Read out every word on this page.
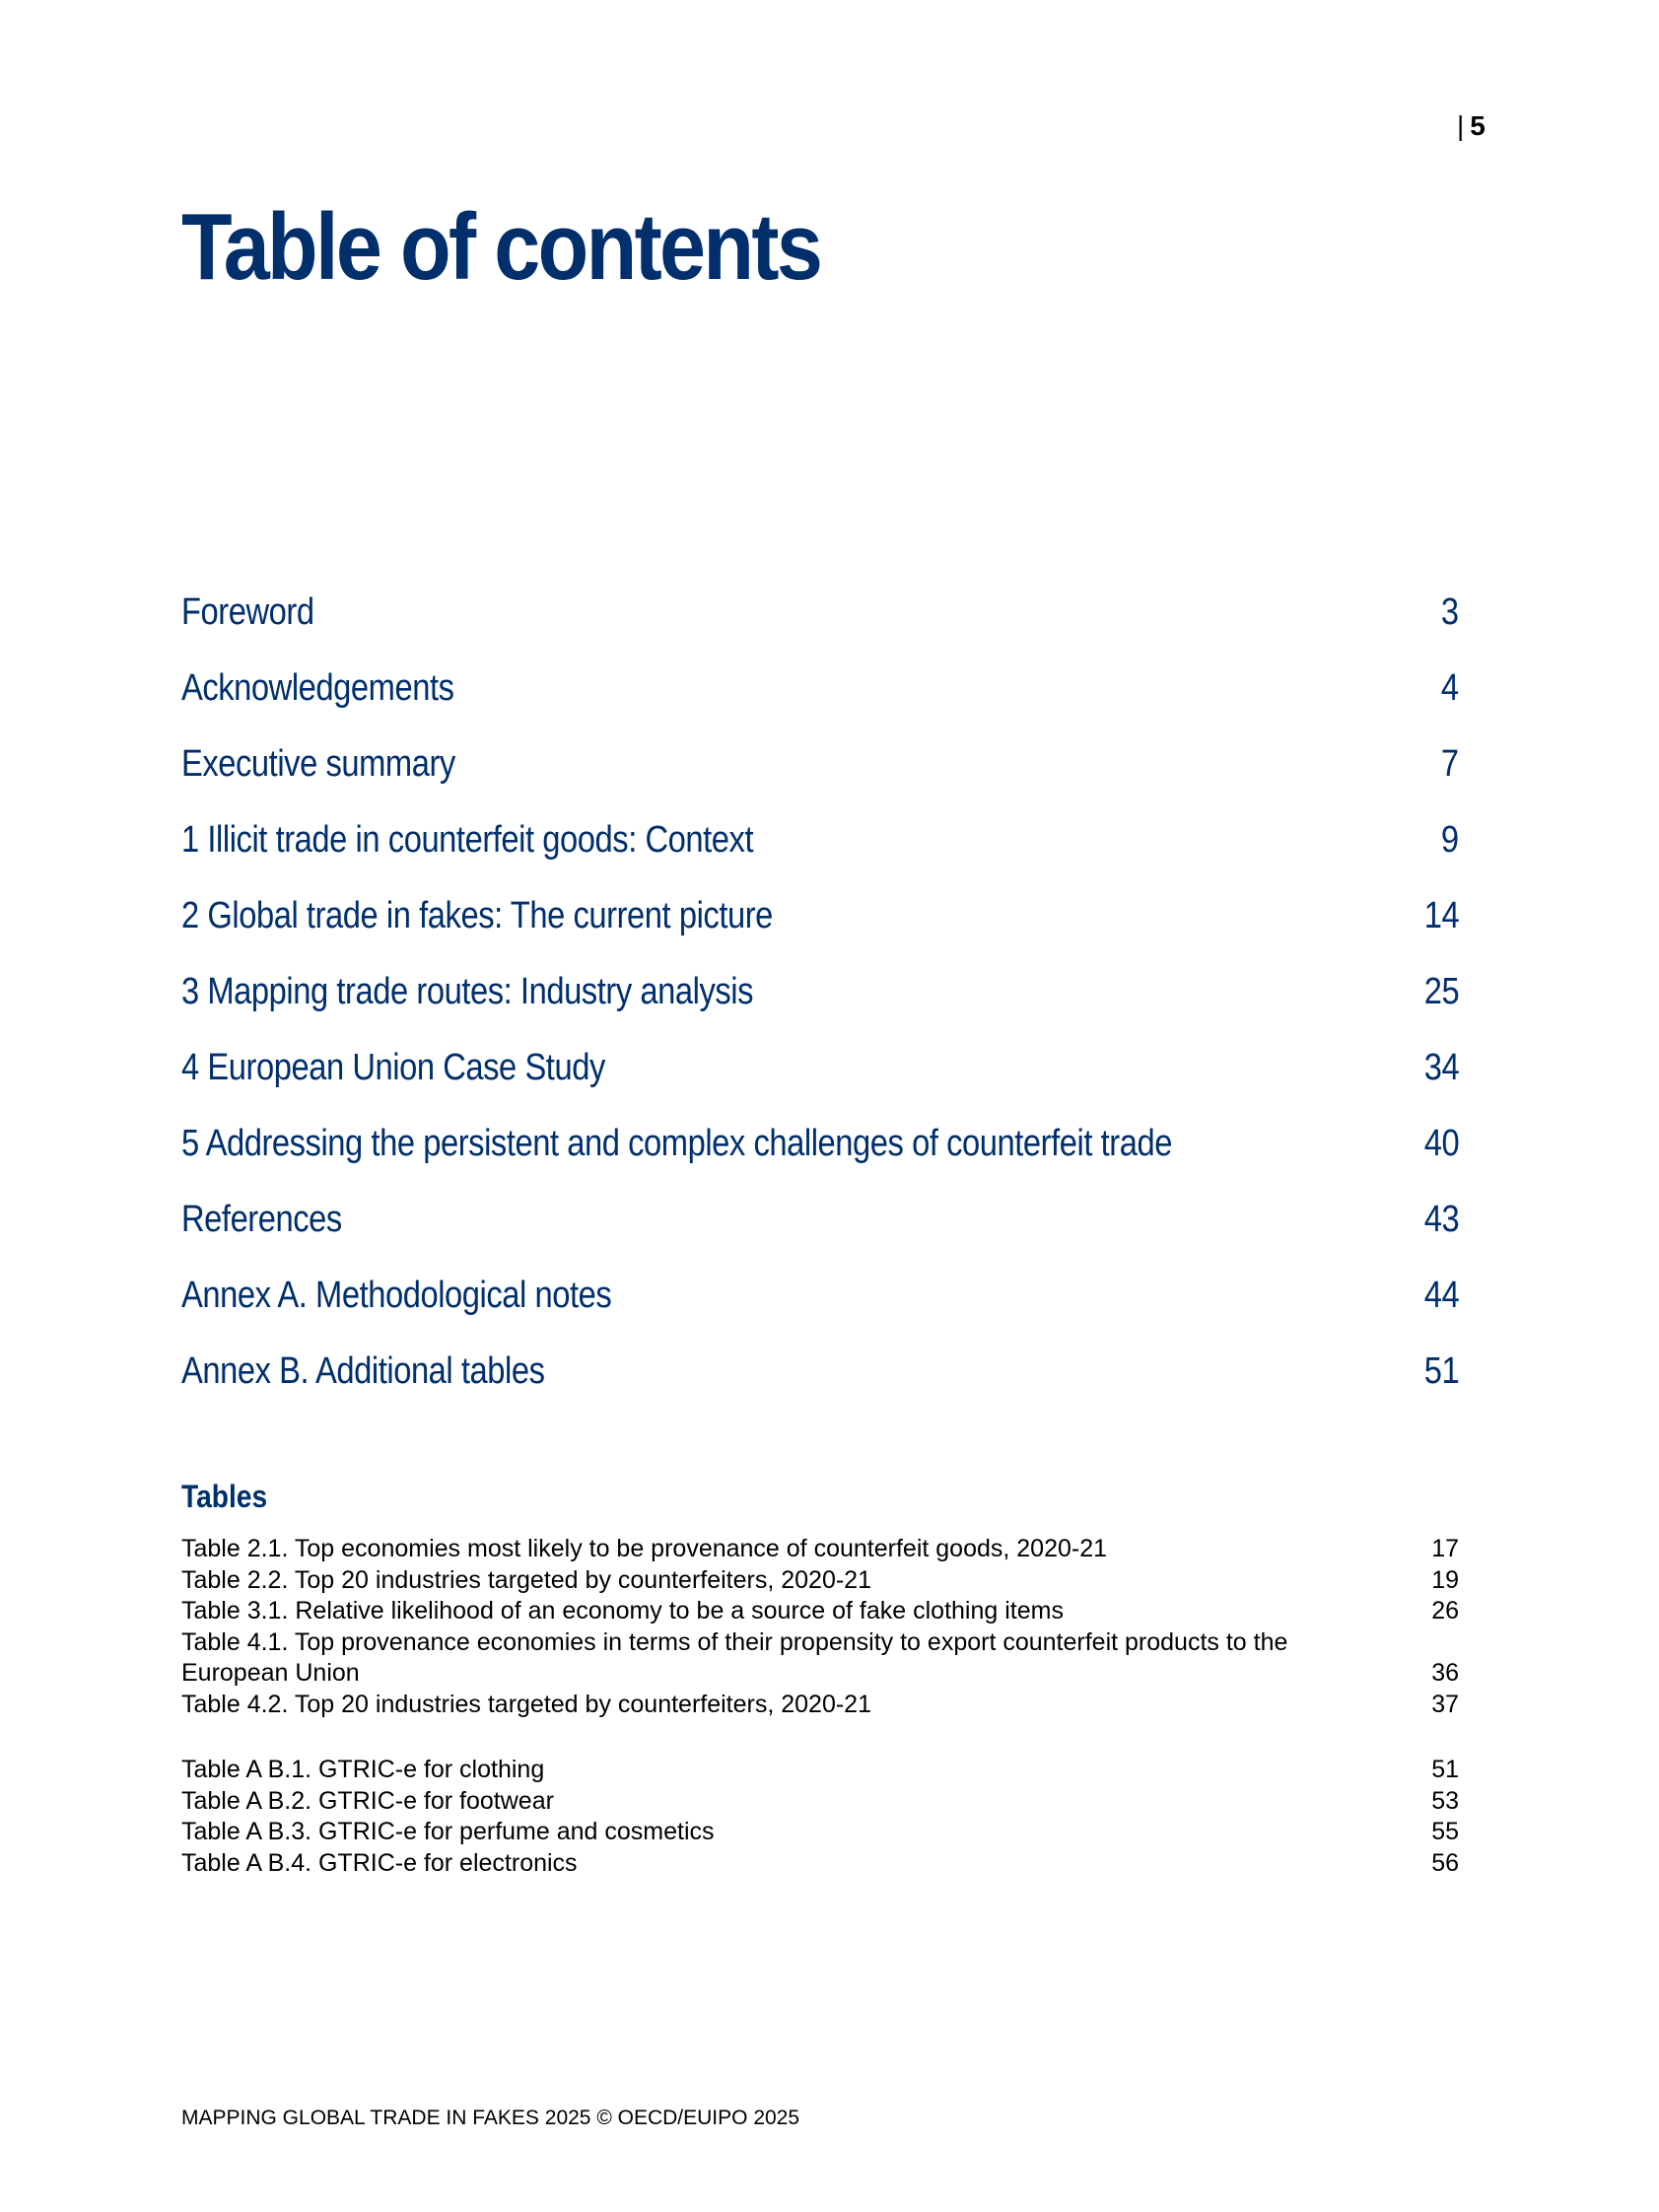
| 5
Table of contents
Foreword	3
Acknowledgements	4
Executive summary	7
1 Illicit trade in counterfeit goods: Context	9
2 Global trade in fakes: The current picture	14
3 Mapping trade routes: Industry analysis	25
4 European Union Case Study	34
5 Addressing the persistent and complex challenges of counterfeit trade	40
References	43
Annex A. Methodological notes	44
Annex B. Additional tables	51
Tables
Table 2.1. Top economies most likely to be provenance of counterfeit goods, 2020-21	17
Table 2.2. Top 20 industries targeted by counterfeiters, 2020-21	19
Table 3.1. Relative likelihood of an economy to be a source of fake clothing items	26
Table 4.1. Top provenance economies in terms of their propensity to export counterfeit products to the European Union	36
Table 4.2. Top 20 industries targeted by counterfeiters, 2020-21	37
Table A B.1. GTRIC-e for clothing	51
Table A B.2. GTRIC-e for footwear	53
Table A B.3. GTRIC-e for perfume and cosmetics	55
Table A B.4. GTRIC-e for electronics	56
MAPPING GLOBAL TRADE IN FAKES 2025 © OECD/EUIPO 2025
